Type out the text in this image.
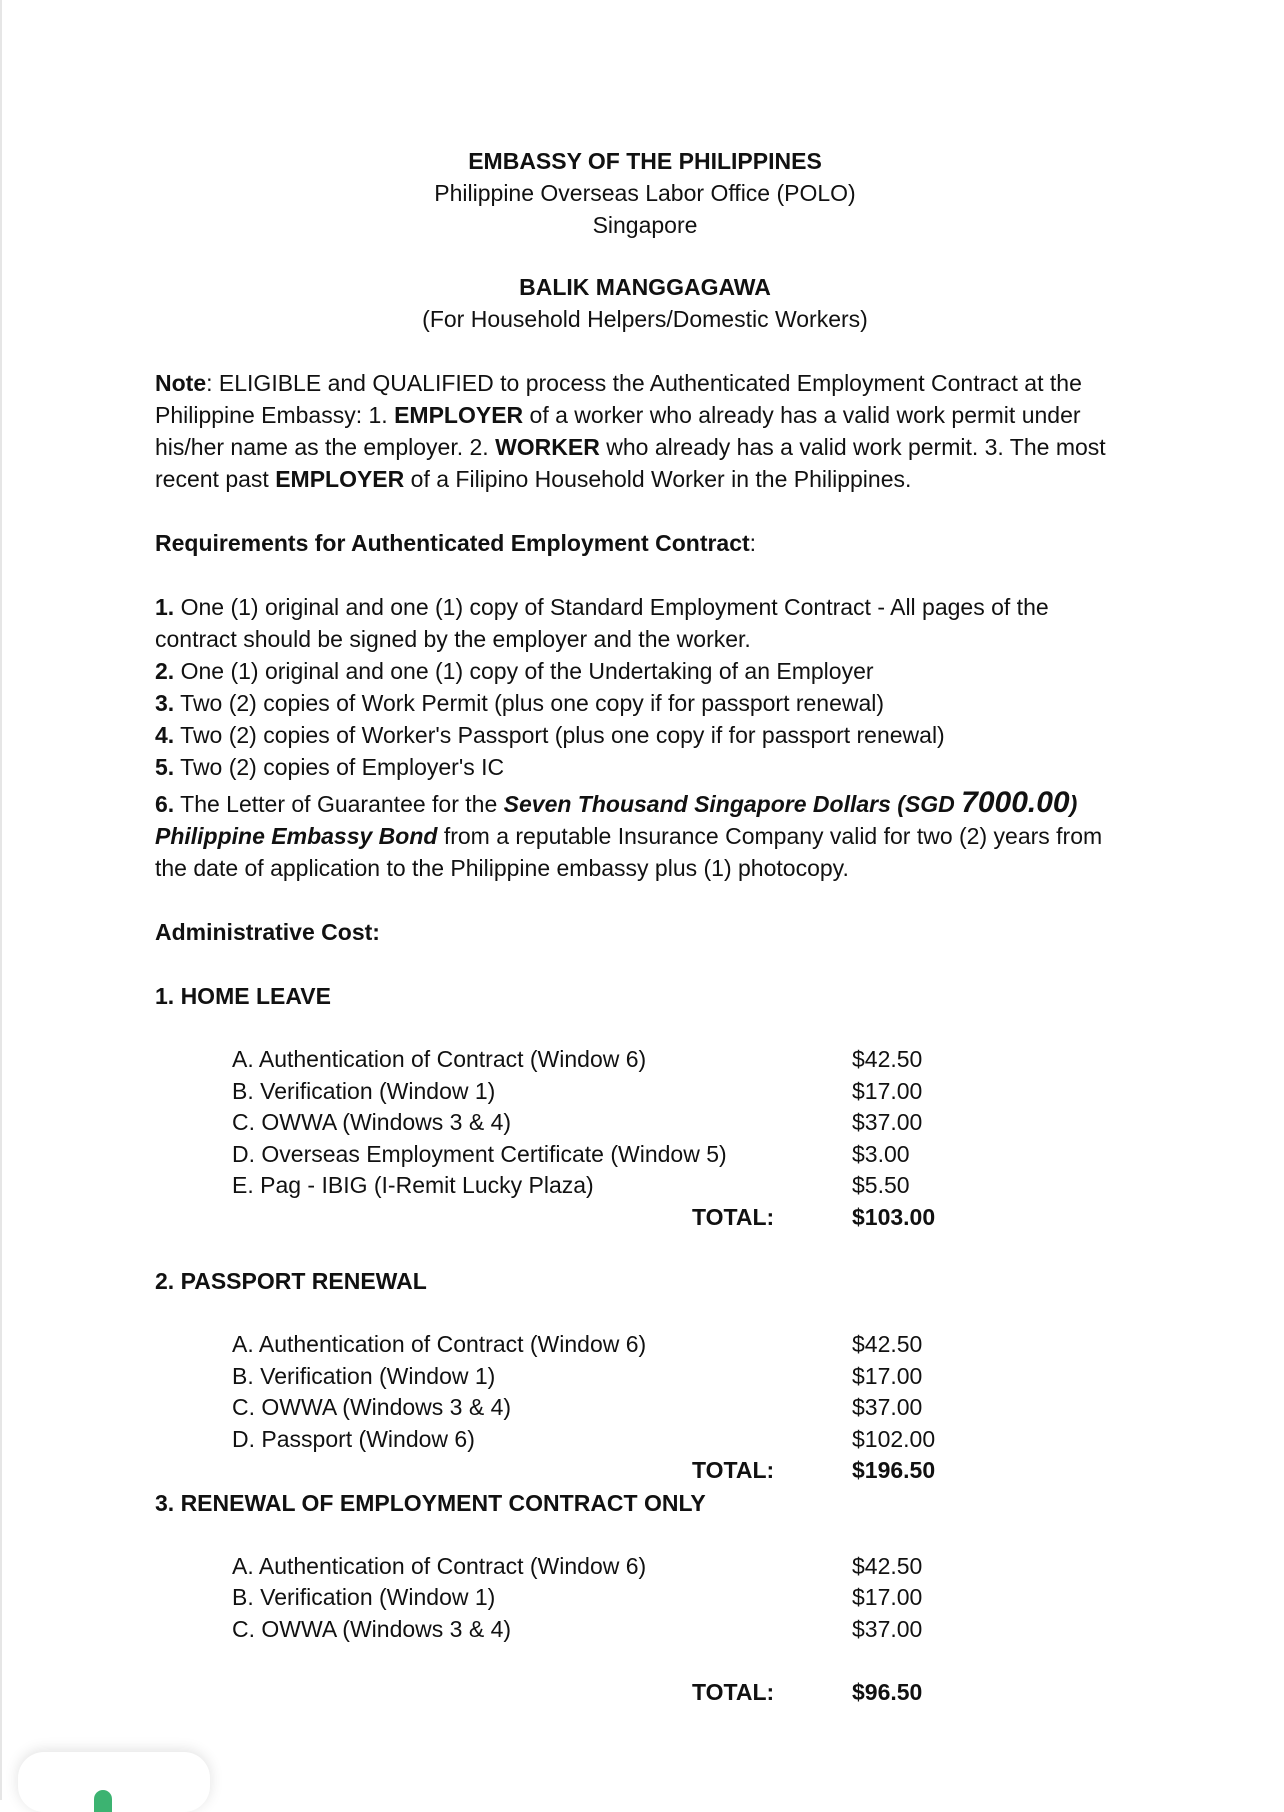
EMBASSY OF THE PHILIPPINES

Philippine Overseas Labor Office (POLO)

Singapore

BALIK MANGGAGAWA

(For Household Helpers/Domestic Workers)

Note: ELIGIBLE and QUALIFIED to process the Authenticated Employment Contract at the Philippine Embassy: 1. EMPLOYER of a worker who already has a valid work permit under his/her name as the employer. 2. WORKER who already has a valid work permit. 3. The most recent past EMPLOYER of a Filipino Household Worker in the Philippines.

Requirements for Authenticated Employment Contract:

1. One (1) original and one (1) copy of Standard Employment Contract - All pages of the contract should be signed by the employer and the worker.

2. One (1) original and one (1) copy of the Undertaking of an Employer

3. Two (2) copies of Work Permit (plus one copy if for passport renewal)

4. Two (2) copies of Worker's Passport (plus one copy if for passport renewal)

5. Two (2) copies of Employer's IC

6. The Letter of Guarantee for the Seven Thousand Singapore Dollars (SGD 7000.00)
Philippine Embassy Bond from a reputable Insurance Company valid for two (2) years from the date of application to the Philippine embassy plus (1) photocopy.

Administrative Cost:

1. HOME LEAVE

A. Authentication of Contract (Window 6)	$42.50
B. Verification (Window 1)	$17.00
C. OWWA (Windows 3 & 4)	$37.00
D. Overseas Employment Certificate (Window 5)	$3.00
E. Pag - IBIG (I-Remit Lucky Plaza)	$5.50
TOTAL:	$103.00

2. PASSPORT RENEWAL

A. Authentication of Contract (Window 6)	$42.50
B. Verification (Window 1)	$17.00
C. OWWA (Windows 3 & 4)	$37.00
D. Passport (Window 6)	$102.00
TOTAL:	$196.50

3. RENEWAL OF EMPLOYMENT CONTRACT ONLY

A. Authentication of Contract (Window 6)	$42.50
B. Verification (Window 1)	$17.00
C. OWWA (Windows 3 & 4)	$37.00
TOTAL:	$96.50
